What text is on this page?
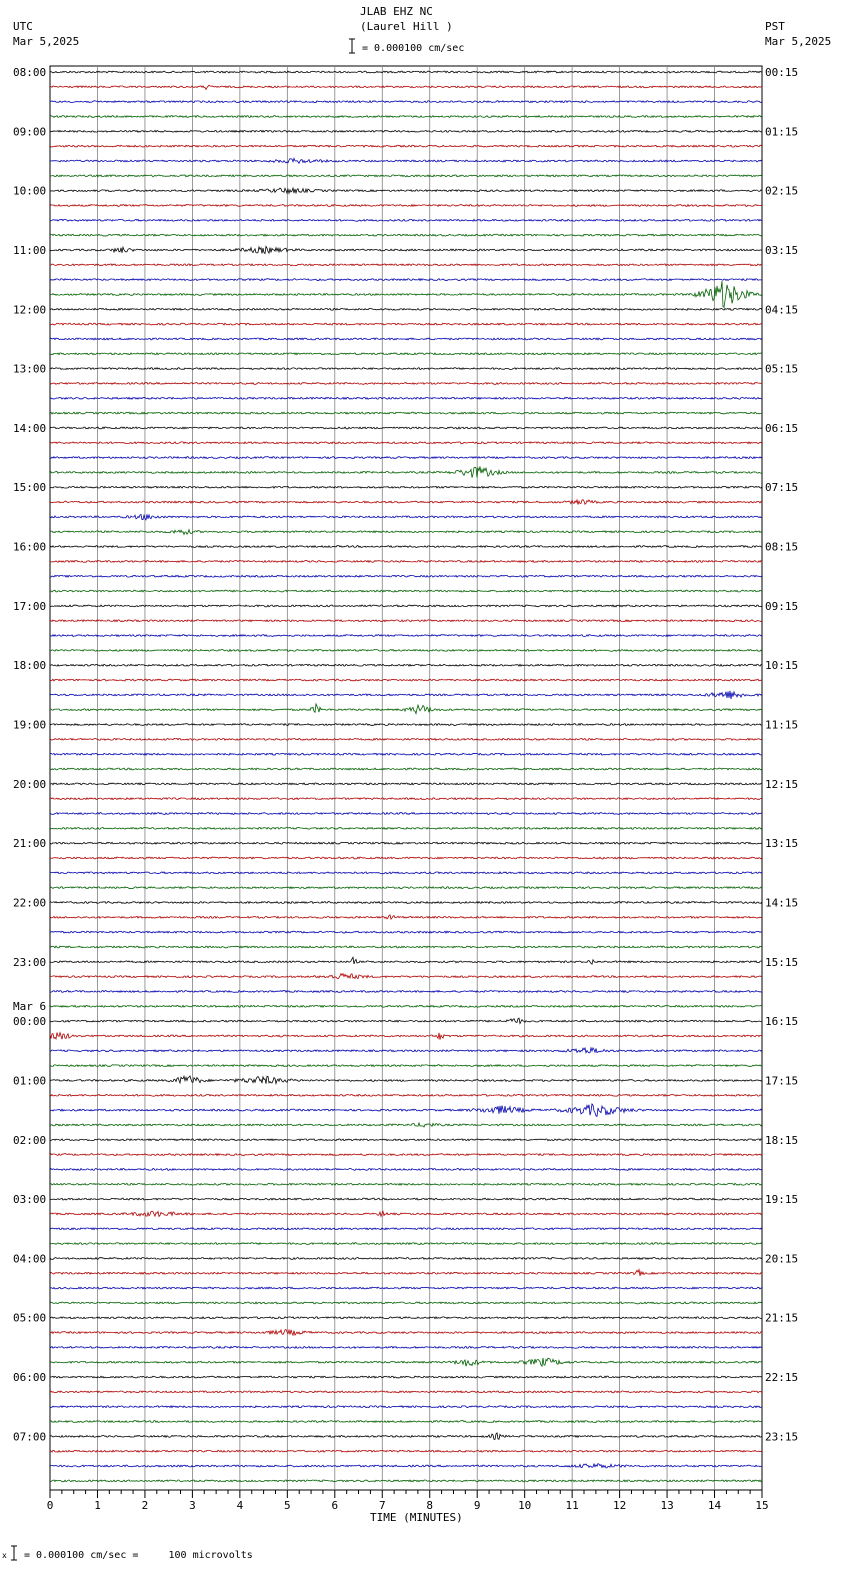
JLAB EHZ NC
(Laurel Hill )
= 0.000100 cm/sec
UTC
Mar 5,2025
PST
Mar 5,2025
08:00
09:00
10:00
11:00
12:00
13:00
14:00
15:00
16:00
17:00
18:00
19:00
20:00
21:00
22:00
23:00
00:00
01:00
02:00
03:00
04:00
05:00
06:00
07:00
Mar 6
00:15
01:15
02:15
03:15
04:15
05:15
06:15
07:15
08:15
09:15
10:15
11:15
12:15
13:15
14:15
15:15
16:15
17:15
18:15
19:15
20:15
21:15
22:15
23:15
0	1	2	3	4	5	6	7	8	9	10	11	12	13	14	15
TIME (MINUTES)
x = 0.000100 cm/sec =     100 microvolts
